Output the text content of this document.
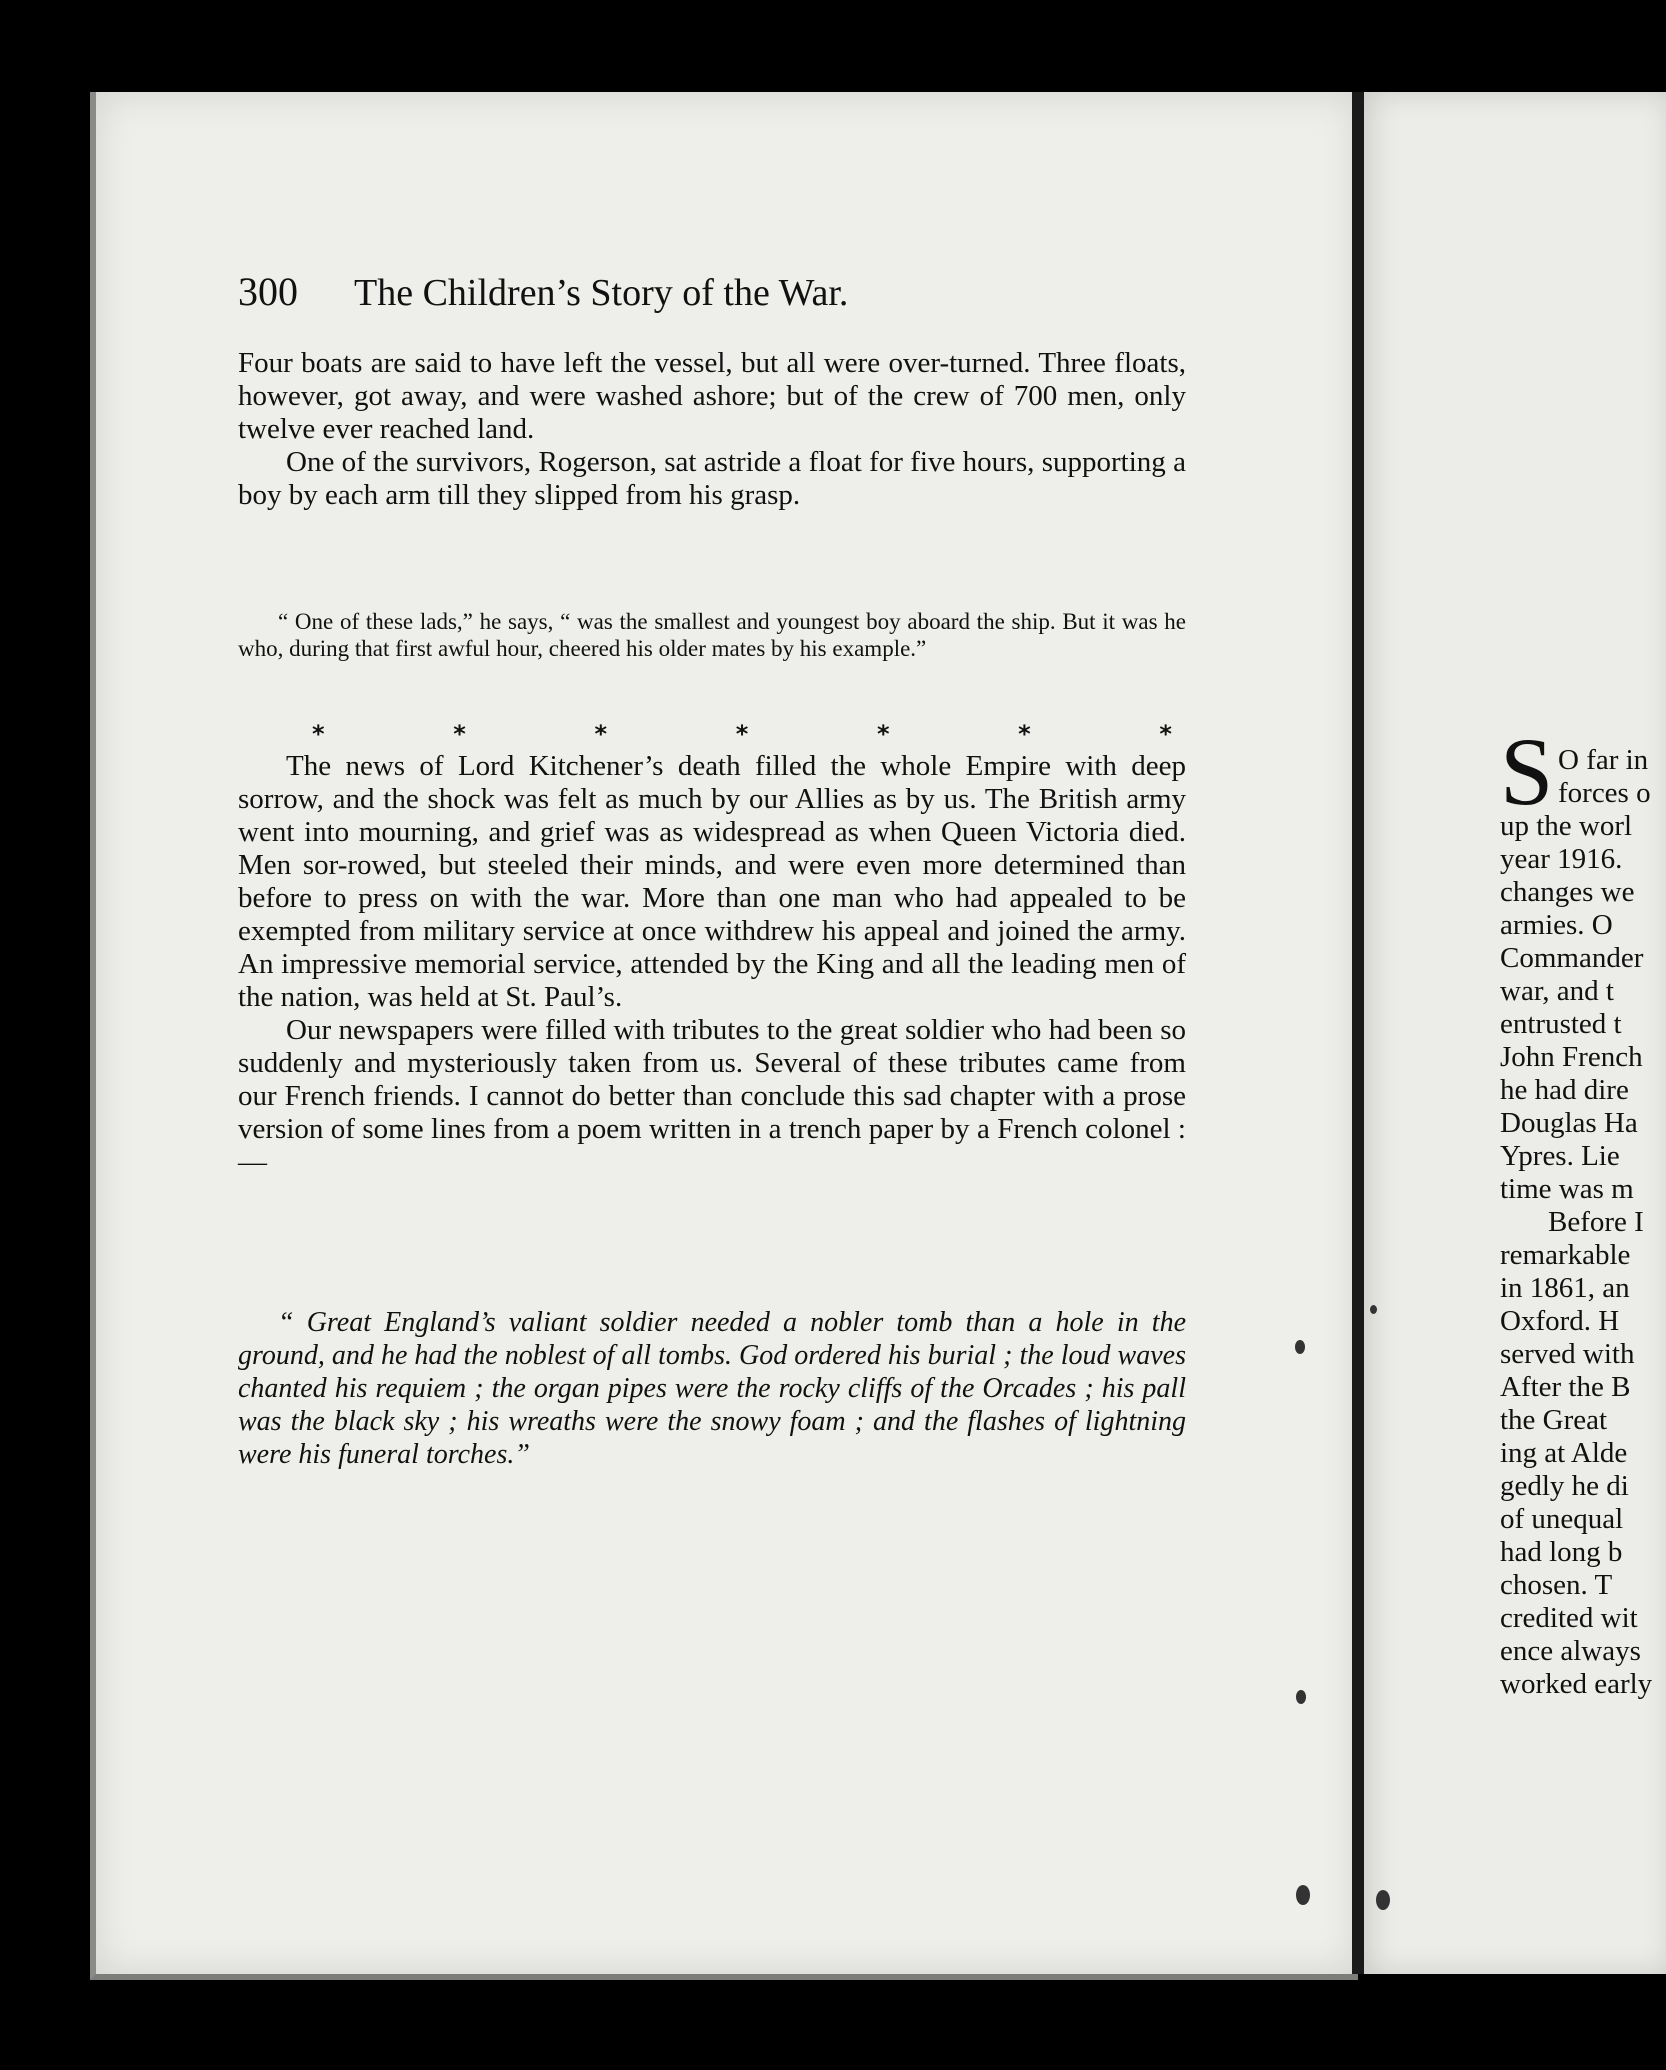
300 The Children’s Story of the War.

Four boats are said to have left the vessel, but all were over-turned. Three floats, however, got away, and were washed ashore; but of the crew of 700 men, only twelve ever reached land.

One of the survivors, Rogerson, sat astride a float for five hours, supporting a boy by each arm till they slipped from his grasp.

“ One of these lads,” he says, “ was the smallest and youngest boy aboard the ship. But it was he who, during that first awful hour, cheered his older mates by his example.”
*	*	*	*	*	*	*

The news of Lord Kitchener’s death filled the whole Empire with deep sorrow, and the shock was felt as much by our Allies as by us. The British army went into mourning, and grief was as widespread as when Queen Victoria died. Men sor-rowed, but steeled their minds, and were even more determined than before to press on with the war. More than one man who had appealed to be exempted from military service at once withdrew his appeal and joined the army. An impressive memorial service, attended by the King and all the leading men of the nation, was held at St. Paul’s.

Our newspapers were filled with tributes to the great soldier who had been so suddenly and mysteriously taken from us. Several of these tributes came from our French friends. I cannot do better than conclude this sad chapter with a prose version of some lines from a poem written in a trench paper by a French colonel :—

“ Great England’s valiant soldier needed a nobler tomb than a hole in the ground, and he had the noblest of all tombs. God ordered his burial ; the loud waves chanted his requiem ; the organ pipes were the rocky cliffs of the Orcades ; his pall was the black sky ; his wreaths were the snowy foam ; and the flashes of lightning were his funeral torches.”
S O far in
forces o
up the worl
year 1916.
changes we
armies. O
Commander
war, and t
entrusted t
John French
he had dire
Douglas Ha
Ypres. Lie
time was m
Before I
remarkable
in 1861, an
Oxford. H
served with
After the B
the Great
ing at Alde
gedly he di
of unequal
had long b
chosen. T
credited wit
ence always
worked early
